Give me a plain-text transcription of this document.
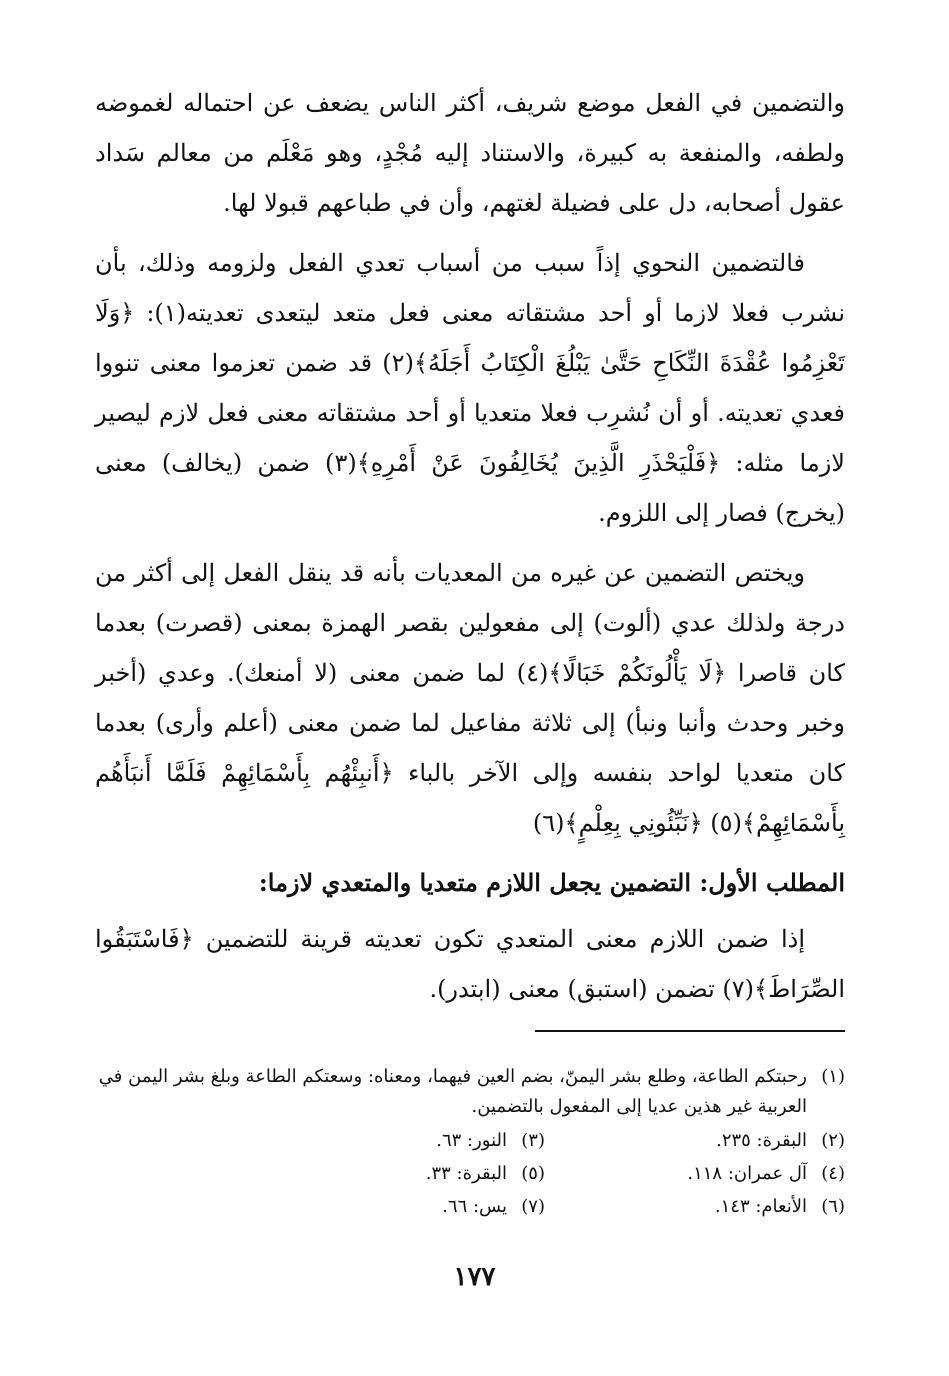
والتضمين في الفعل موضع شريف، أكثر الناس يضعف عن احتماله لغموضه ولطفه، والمنفعة به كبيرة، والاستناد إليه مُجْدٍ، وهو مَعْلَم من معالم سَداد عقول أصحابه، دل على فضيلة لغتهم، وأن في طباعهم قبولا لها.

فالتضمين النحوي إذاً سبب من أسباب تعدي الفعل ولزومه وذلك، بأن نشرب فعلا لازما أو أحد مشتقاته معنى فعل متعد ليتعدى تعديته(١): ﴿وَلَا تَعْزِمُوا عُقْدَةَ النِّكَاحِ حَتَّىٰ يَبْلُغَ الْكِتَابُ أَجَلَهُ﴾(٢) قد ضمن تعزموا معنى تنووا فعدي تعديته. أو أن نُشرِب فعلا متعديا أو أحد مشتقاته معنى فعل لازم ليصير لازما مثله: ﴿فَلْيَحْذَرِ الَّذِينَ يُخَالِفُونَ عَنْ أَمْرِهِ﴾(٣) ضمن (يخالف) معنى (يخرج) فصار إلى اللزوم.

ويختص التضمين عن غيره من المعديات بأنه قد ينقل الفعل إلى أكثر من درجة ولذلك عدي (ألوت) إلى مفعولين بقصر الهمزة بمعنى (قصرت) بعدما كان قاصرا ﴿لَا يَأْلُونَكُمْ خَبَالًا﴾(٤) لما ضمن معنى (لا أمنعك). وعدي (أخبر وخبر وحدث وأنبا ونبأ) إلى ثلاثة مفاعيل لما ضمن معنى (أعلم وأرى) بعدما كان متعديا لواحد بنفسه وإلى الآخر بالباء ﴿أَنبِئْهُم بِأَسْمَائِهِمْ فَلَمَّا أَنبَأَهُم بِأَسْمَائِهِمْ﴾(٥) ﴿نَبِّئُونِي بِعِلْمٍ﴾(٦)

المطلب الأول: التضمين يجعل اللازم متعديا والمتعدي لازما:

إذا ضمن اللازم معنى المتعدي تكون تعديته قرينة للتضمين ﴿فَاسْتَبَقُوا الصِّرَاطَ﴾(٧) تضمن (استبق) معنى (ابتدر).

(١)
رحبتكم الطاعة، وطلع بشر اليمنّ، بضم العين فيهما، ومعناه: وسعتكم الطاعة وبلغ بشر اليمن في العربية غير هذين عديا إلى المفعول بالتضمين.
(٢)
البقرة: ٢٣٥.
(٣)
النور: ٦٣.
(٤)
آل عمران: ١١٨.
(٥)
البقرة: ٣٣.
(٦)
الأنعام: ١٤٣.
(٧)
يس: ٦٦.
١٧٧
